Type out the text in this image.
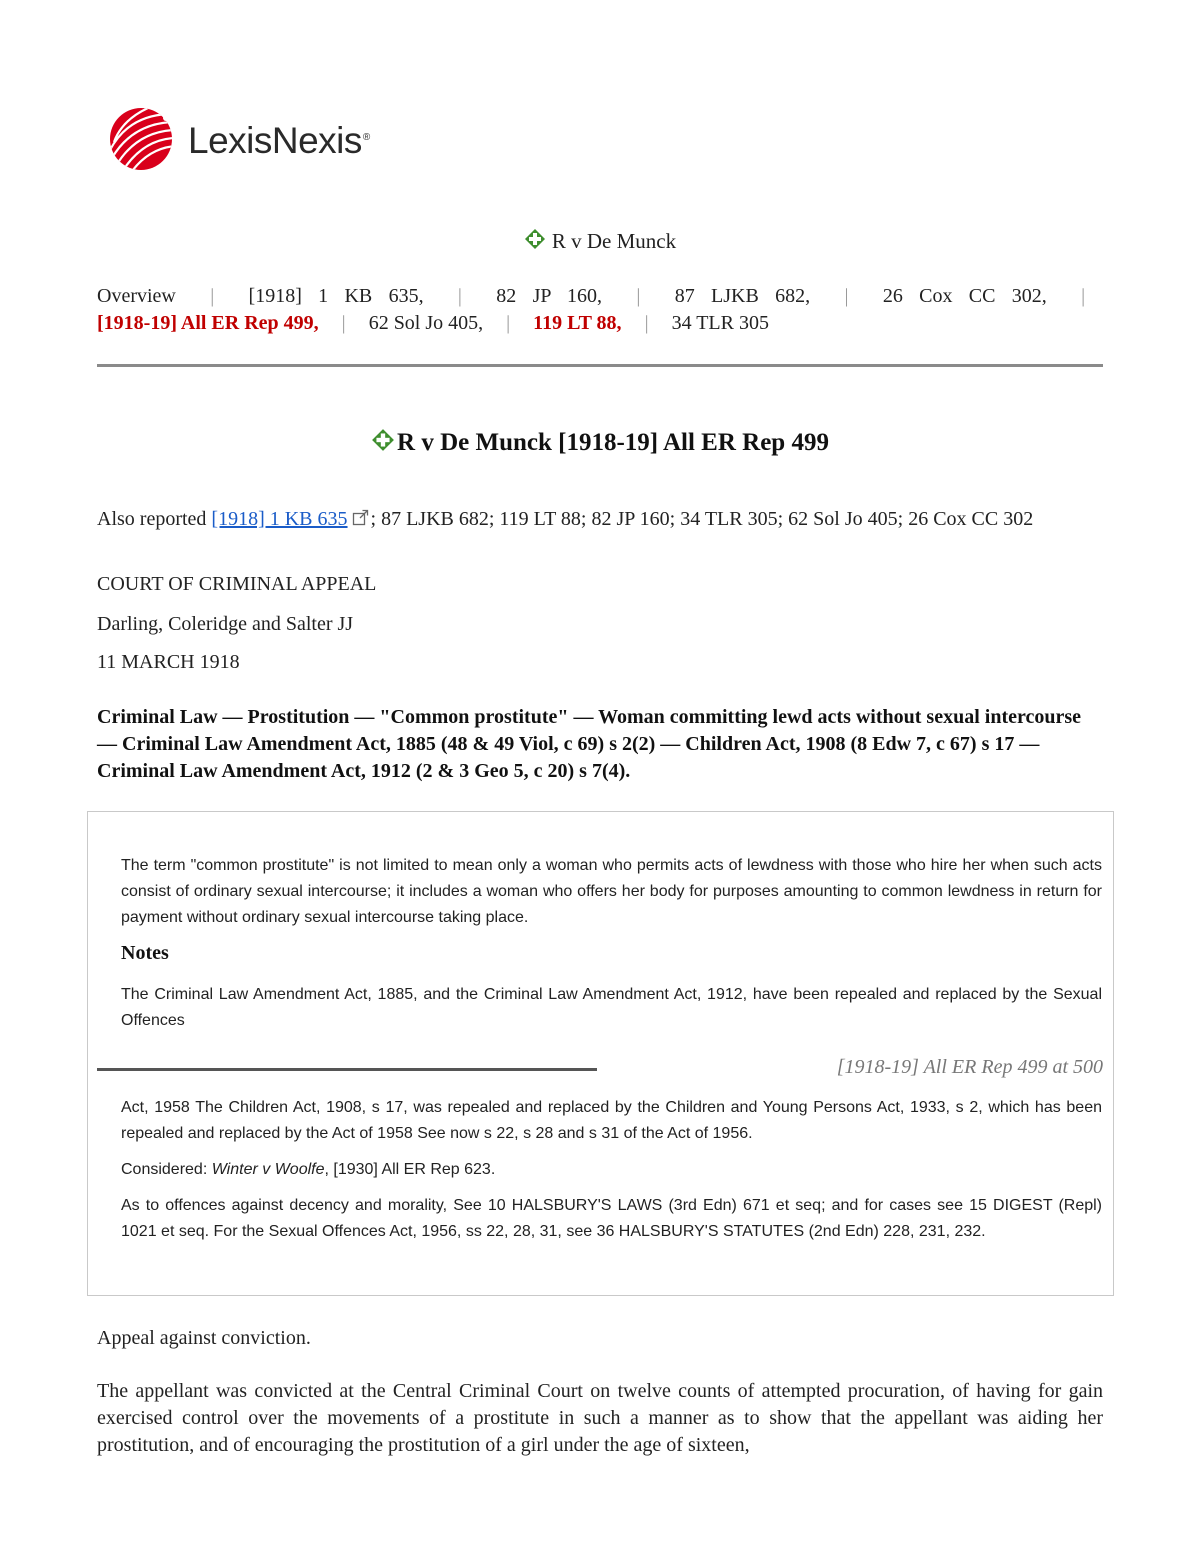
LexisNexis®
R v De Munck
Overview | [1918] 1 KB 635, | 82 JP 160, | 87 LJKB 682, | 26 Cox CC 302, | [1918-19] All ER Rep 499, | 62 Sol Jo 405, | 119 LT 88, | 34 TLR 305
R v De Munck [1918-19] All ER Rep 499
Also reported [1918] 1 KB 635 ; 87 LJKB 682; 119 LT 88; 82 JP 160; 34 TLR 305; 62 Sol Jo 405; 26 Cox CC 302
COURT OF CRIMINAL APPEAL
Darling, Coleridge and Salter JJ
11 MARCH 1918
Criminal Law — Prostitution — "Common prostitute" — Woman committing lewd acts without sexual intercourse — Criminal Law Amendment Act, 1885 (48 & 49 Viol, c 69) s 2(2) — Children Act, 1908 (8 Edw 7, c 67) s 17 — Criminal Law Amendment Act, 1912 (2 & 3 Geo 5, c 20) s 7(4).
The term "common prostitute" is not limited to mean only a woman who permits acts of lewdness with those who hire her when such acts consist of ordinary sexual intercourse; it includes a woman who offers her body for purposes amounting to common lewdness in return for payment without ordinary sexual intercourse taking place.
Notes
The Criminal Law Amendment Act, 1885, and the Criminal Law Amendment Act, 1912, have been repealed and replaced by the Sexual Offences
[1918-19] All ER Rep 499 at 500
Act, 1958 The Children Act, 1908, s 17, was repealed and replaced by the Children and Young Persons Act, 1933, s 2, which has been repealed and replaced by the Act of 1958 See now s 22, s 28 and s 31 of the Act of 1956.
Considered: Winter v Woolfe, [1930] All ER Rep 623.
As to offences against decency and morality, See 10 HALSBURY'S LAWS (3rd Edn) 671 et seq; and for cases see 15 DIGEST (Repl) 1021 et seq. For the Sexual Offences Act, 1956, ss 22, 28, 31, see 36 HALSBURY'S STATUTES (2nd Edn) 228, 231, 232.
Appeal against conviction.
The appellant was convicted at the Central Criminal Court on twelve counts of attempted procuration, of having for gain exercised control over the movements of a prostitute in such a manner as to show that the appellant was aiding her prostitution, and of encouraging the prostitution of a girl under the age of sixteen,
